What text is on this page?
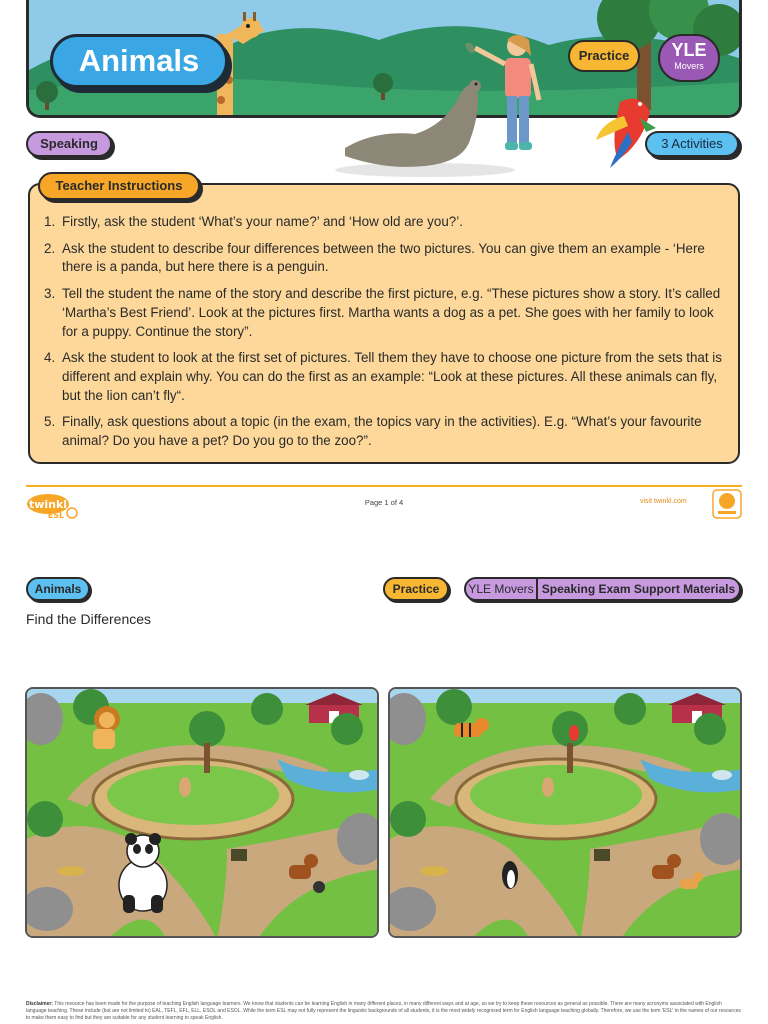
Animals	Practice	YLE
Movers
Speaking	3 Activities
Teacher Instructions
1. Firstly, ask the student ‘What’s your name?’ and ‘How old are you?’.
2. Ask the student to describe four differences between the two pictures. You can give them an example - ‘Here there is a panda, but here there is a penguin.
3. Tell the student the name of the story and describe the first picture, e.g. “These pictures show a story. It’s called ‘Martha’s Best Friend’. Look at the pictures first. Martha wants a dog as a pet. She goes with her family to look for a puppy. Continue the story”.
4. Ask the student to look at the first set of pictures. Tell them they have to choose one picture from the sets that is different and explain why. You can do the first as an example: “Look at these pictures. All these animals can fly, but the lion can’t fly“.
5. Finally, ask questions about a topic (in the exam, the topics vary in the activities). E.g. “What’s your favourite animal? Do you have a pet? Do you go to the zoo?”.
twinkl
ESL
Page 1 of 4	visit twinkl.com
Animals	Practice	YLE Movers Speaking Exam Support Materials
Find the Differences
Disclaimer: This resource has been made for the purpose of teaching English language learners. We know that students can be learning English in many different places, in many different ways and at age, so we try to keep these resources as general as possible. There are many acronyms associated with English language teaching. These include (but are not limited to) EAL, TEFL, EFL, ELL, ESOL and ESOL. While the term ESL may not fully represent the linguistic backgrounds of all students, it is the most widely recognised term for English language teaching globally. Therefore, we use the term 'ESL' in the names of our resources to make them easy to find but they are suitable for any student learning to speak English.
